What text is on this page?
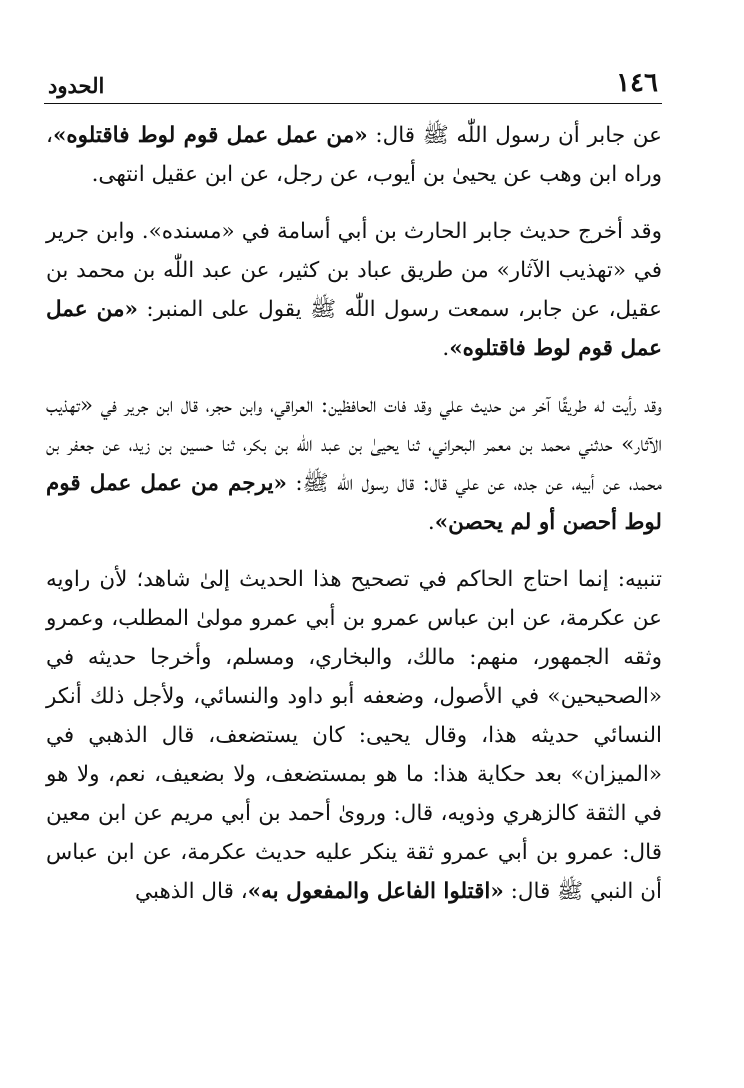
١٤٦
الحدود

عن جابر أن رسول اللّٰه ﷺ قال: «من عمل عمل قوم لوط فاقتلوه»، وراه ابن وهب عن يحيىٰ بن أيوب، عن رجل، عن ابن عقيل انتهى.

وقد أخرج حديث جابر الحارث بن أبي أسامة في «مسنده». وابن جرير في «تهذيب الآثار» من طريق عباد بن كثير، عن عبد اللّٰه بن محمد بن عقيل، عن جابر، سمعت رسول اللّٰه ﷺ يقول على المنبر: «من عمل عمل قوم لوط فاقتلوه».

وقد رأيت له طريقًا آخر من حديث علي وقد فات الحافظين: العراقي، وابن حجر، قال ابن جرير في «تهذيب الآثار» حدثني محمد بن معمر البحراني، ثنا يحيىٰ بن عبد اللّٰه بن بكر، ثنا حسين بن زيد، عن جعفر بن محمد، عن أبيه، عن جده، عن علي قال: قال رسول اللّٰه ﷺ: «يرجم من عمل عمل قوم لوط أحصن أو لم يحصن».

تنبيه: إنما احتاج الحاكم في تصحيح هذا الحديث إلىٰ شاهد؛ لأن راويه عن عكرمة، عن ابن عباس عمرو بن أبي عمرو مولىٰ المطلب، وعمرو وثقه الجمهور، منهم: مالك، والبخاري، ومسلم، وأخرجا حديثه في «الصحيحين» في الأصول، وضعفه أبو داود والنسائي، ولأجل ذلك أنكر النسائي حديثه هذا، وقال يحيى: كان يستضعف، قال الذهبي في «الميزان» بعد حكاية هذا: ما هو بمستضعف، ولا بضعيف، نعم، ولا هو في الثقة كالزهري وذويه، قال: وروىٰ أحمد بن أبي مريم عن ابن معين قال: عمرو بن أبي عمرو ثقة ينكر عليه حديث عكرمة، عن ابن عباس أن النبي ﷺ قال: «اقتلوا الفاعل والمفعول به»، قال الذهبي
